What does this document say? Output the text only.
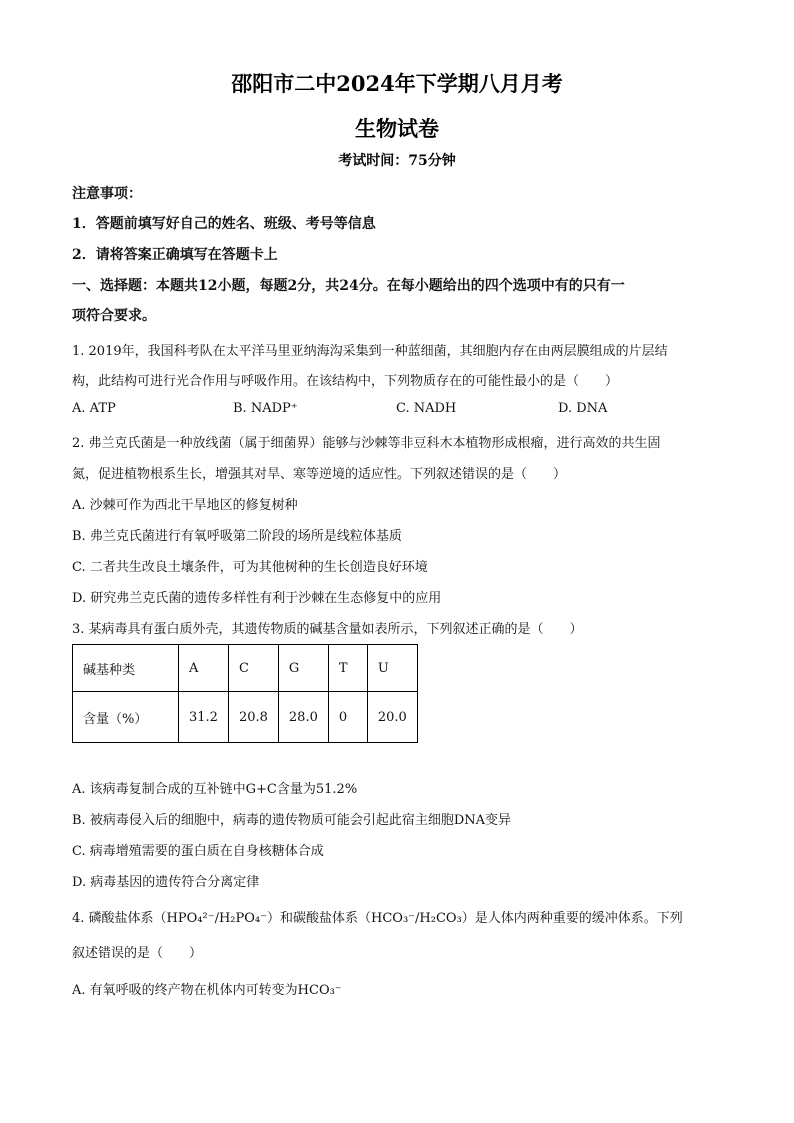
邵阳市二中2024年下学期八月月考
生物试卷
考试时间：75分钟
注意事项：
1．答题前填写好自己的姓名、班级、考号等信息
2．请将答案正确填写在答题卡上
一、选择题：本题共12小题，每题2分，共24分。在每小题给出的四个选项中有的只有一
项符合要求。
1. 2019年，我国科考队在太平洋马里亚纳海沟采集到一种蓝细菌，其细胞内存在由两层膜组成的片层结
构，此结构可进行光合作用与呼吸作用。在该结构中，下列物质存在的可能性最小的是（　　）
A. ATP	B. NADP⁺	C. NADH	D. DNA
2. 弗兰克氏菌是一种放线菌（属于细菌界）能够与沙棘等非豆科木本植物形成根瘤，进行高效的共生固
氮，促进植物根系生长，增强其对旱、寒等逆境的适应性。下列叙述错误的是（　　）
A. 沙棘可作为西北干旱地区的修复树种
B. 弗兰克氏菌进行有氧呼吸第二阶段的场所是线粒体基质
C. 二者共生改良土壤条件，可为其他树种的生长创造良好环境
D. 研究弗兰克氏菌的遗传多样性有利于沙棘在生态修复中的应用
3. 某病毒具有蛋白质外壳，其遗传物质的碱基含量如表所示，下列叙述正确的是（　　）
碱基种类	A	C	G	T	U
含量（%）	31.2	20.8	28.0	0	20.0
A. 该病毒复制合成的互补链中G+C含量为51.2%
B. 被病毒侵入后的细胞中，病毒的遗传物质可能会引起此宿主细胞DNA变异
C. 病毒增殖需要的蛋白质在自身核糖体合成
D. 病毒基因的遗传符合分离定律
4. 磷酸盐体系（HPO₄²⁻/H₂PO₄⁻）和碳酸盐体系（HCO₃⁻/H₂CO₃）是人体内两种重要的缓冲体系。下列
叙述错误的是（　　）
A. 有氧呼吸的终产物在机体内可转变为HCO₃⁻
